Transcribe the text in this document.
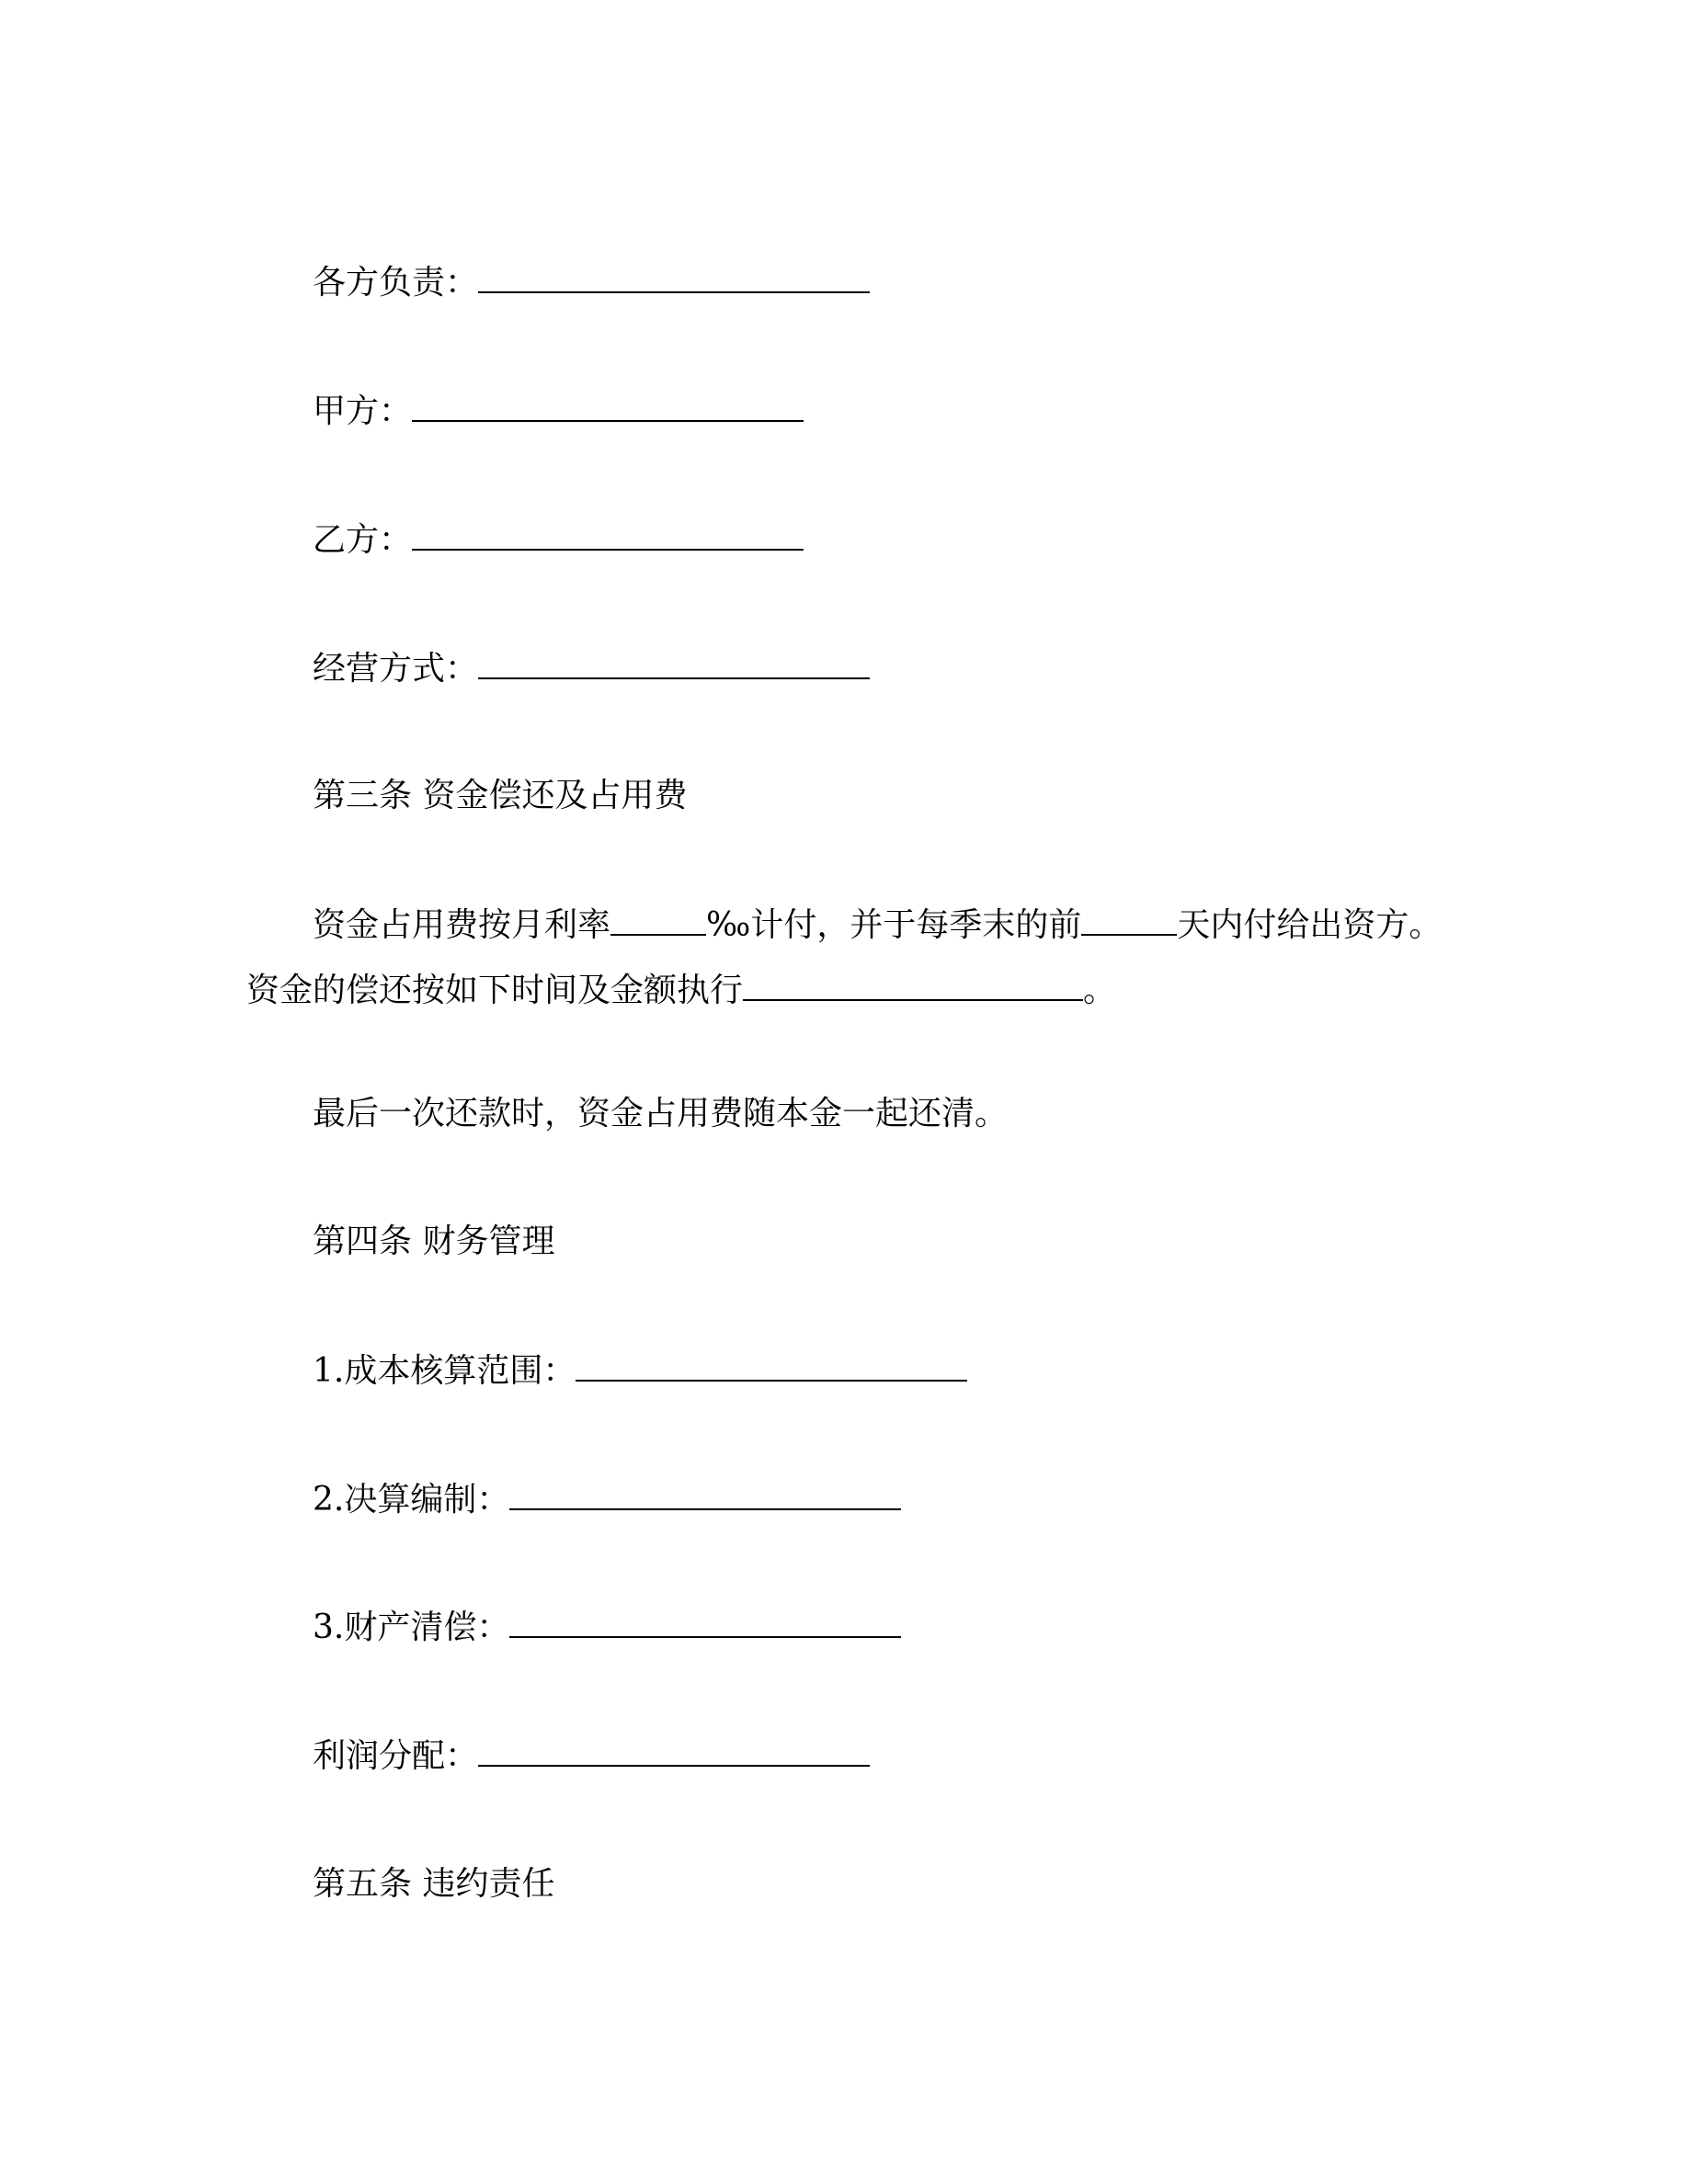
各方负责：
甲方：
乙方：
经营方式：
第三条 资金偿还及占用费
资金占用费按月利率	‰计付，并于每季末的前	天内付给出资方。
资金的偿还按如下时间及金额执行	。
最后一次还款时，资金占用费随本金一起还清。
第四条 财务管理
1.成本核算范围：
2.决算编制：
3.财产清偿：
利润分配：
第五条 违约责任
